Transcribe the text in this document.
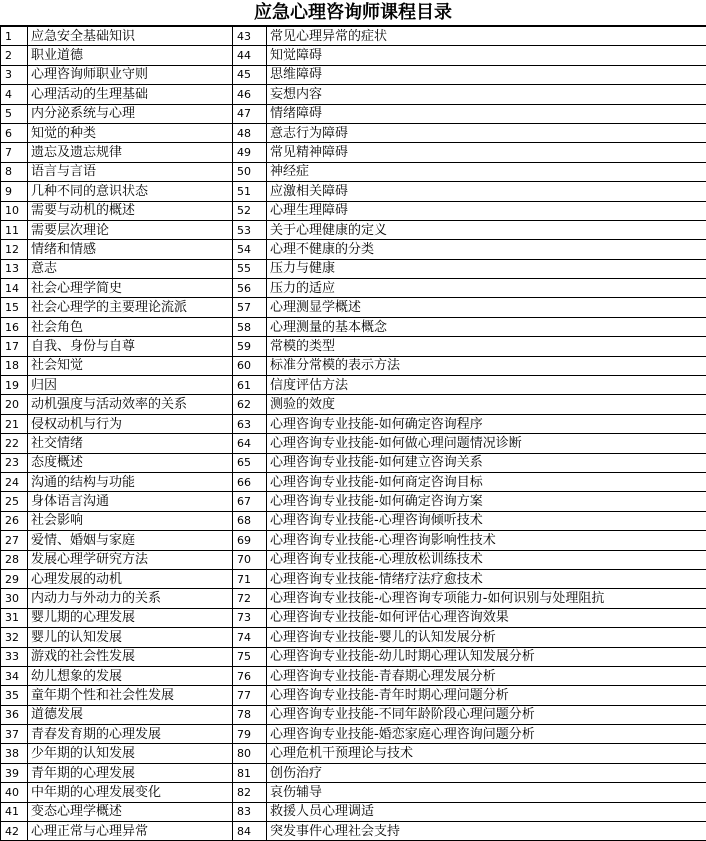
应急心理咨询师课程目录
1	应急安全基础知识	43	常见心理异常的症状
2	职业道德	44	知觉障碍
3	心理咨询师职业守则	45	思维障碍
4	心理活动的生理基础	46	妄想内容
5	内分泌系统与心理	47	情绪障碍
6	知觉的种类	48	意志行为障碍
7	遗忘及遗忘规律	49	常见精神障碍
8	语言与言语	50	神经症
9	几种不同的意识状态	51	应激相关障碍
10	需要与动机的概述	52	心理生理障碍
11	需要层次理论	53	关于心理健康的定义
12	情绪和情感	54	心理不健康的分类
13	意志	55	压力与健康
14	社会心理学简史	56	压力的适应
15	社会心理学的主要理论流派	57	心理测显学概述
16	社会角色	58	心理测量的基本概念
17	自我、身份与自尊	59	常模的类型
18	社会知觉	60	标准分常模的表示方法
19	归因	61	信度评估方法
20	动机强度与活动效率的关系	62	测验的效度
21	侵权动机与行为	63	心理咨询专业技能-如何确定咨询程序
22	社交情绪	64	心理咨询专业技能-如何做心理问题情况诊断
23	态度概述	65	心理咨询专业技能-如何建立咨询关系
24	沟通的结构与功能	66	心理咨询专业技能-如何商定咨询目标
25	身体语言沟通	67	心理咨询专业技能-如何确定咨询方案
26	社会影响	68	心理咨询专业技能-心理咨询倾听技术
27	爱情、婚姻与家庭	69	心理咨询专业技能-心理咨询影响性技术
28	发展心理学研究方法	70	心理咨询专业技能-心理放松训练技术
29	心理发展的动机	71	心理咨询专业技能-情绪疗法疗愈技术
30	内动力与外动力的关系	72	心理咨询专业技能-心理咨询专项能力-如何识别与处理阻抗
31	婴儿期的心理发展	73	心理咨询专业技能-如何评估心理咨询效果
32	婴儿的认知发展	74	心理咨询专业技能-婴儿的认知发展分析
33	游戏的社会性发展	75	心理咨询专业技能-幼儿时期心理认知发展分析
34	幼儿想象的发展	76	心理咨询专业技能-青春期心理发展分析
35	童年期个性和社会性发展	77	心理咨询专业技能-青年时期心理问题分析
36	道德发展	78	心理咨询专业技能-不同年龄阶段心理问题分析
37	青春发育期的心理发展	79	心理咨询专业技能-婚恋家庭心理咨询问题分析
38	少年期的认知发展	80	心理危机干预理论与技术
39	青年期的心理发展	81	创伤治疗
40	中年期的心理发展变化	82	哀伤辅导
41	变态心理学概述	83	救援人员心理调适
42	心理正常与心理异常	84	突发事件心理社会支持
